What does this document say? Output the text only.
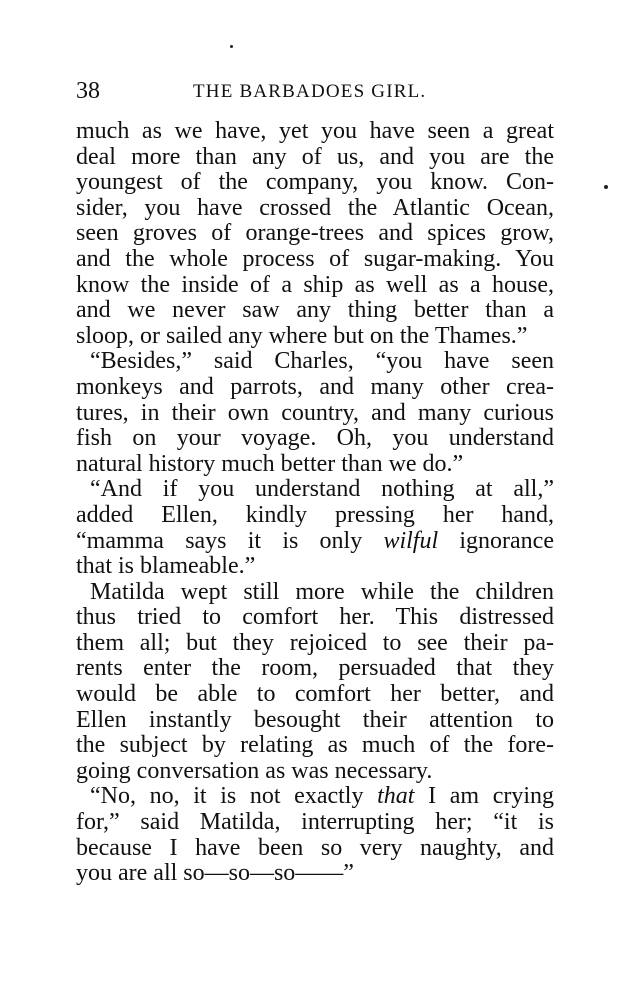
38	THE BARBADOES GIRL.
much as we have, yet you have seen a great
deal more than any of us, and you are the
youngest of the company, you know. Con-
sider, you have crossed the Atlantic Ocean,
seen groves of orange-trees and spices grow,
and the whole process of sugar-making. You
know the inside of a ship as well as a house,
and we never saw any thing better than a
sloop, or sailed any where but on the Thames.”
“Besides,” said Charles, “you have seen
monkeys and parrots, and many other crea-
tures, in their own country, and many curious
fish on your voyage. Oh, you understand
natural history much better than we do.”
“And if you understand nothing at all,”
added Ellen, kindly pressing her hand,
“mamma says it is only wilful ignorance
that is blameable.”
Matilda wept still more while the children
thus tried to comfort her. This distressed
them all; but they rejoiced to see their pa-
rents enter the room, persuaded that they
would be able to comfort her better, and
Ellen instantly besought their attention to
the subject by relating as much of the fore-
going conversation as was necessary.
“No, no, it is not exactly that I am crying
for,” said Matilda, interrupting her; “it is
because I have been so very naughty, and
you are all so—so—so——”
